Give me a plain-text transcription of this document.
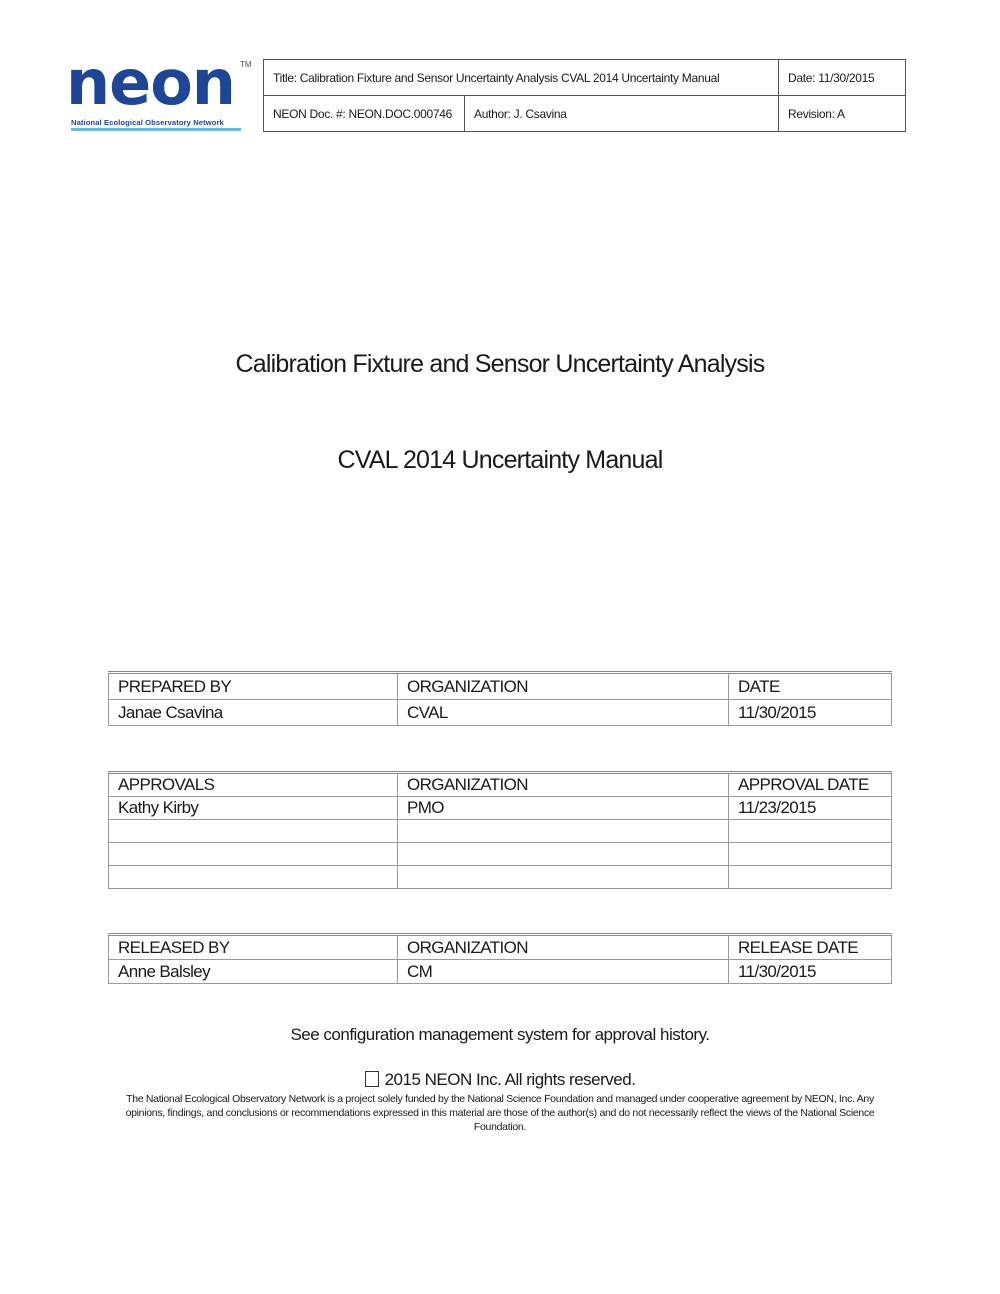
neon TM
National Ecological Observatory Network
Title: Calibration Fixture and Sensor Uncertainty Analysis CVAL 2014 Uncertainty Manual		Date: 11/30/2015
NEON Doc. #: NEON.DOC.000746	Author: J. Csavina	Revision: A
Calibration Fixture and Sensor Uncertainty Analysis
CVAL 2014 Uncertainty Manual
PREPARED BY	ORGANIZATION	DATE
Janae Csavina	CVAL	11/30/2015
APPROVALS	ORGANIZATION	APPROVAL DATE
Kathy Kirby	PMO	11/23/2015

RELEASED BY	ORGANIZATION	RELEASE DATE
Anne Balsley	CM	11/30/2015
See configuration management system for approval history.
2015 NEON Inc. All rights reserved.
The National Ecological Observatory Network is a project solely funded by the National Science Foundation and managed under cooperative agreement by NEON, Inc. Any opinions, findings, and conclusions or recommendations expressed in this material are those of the author(s) and do not necessarily reflect the views of the National Science Foundation.
